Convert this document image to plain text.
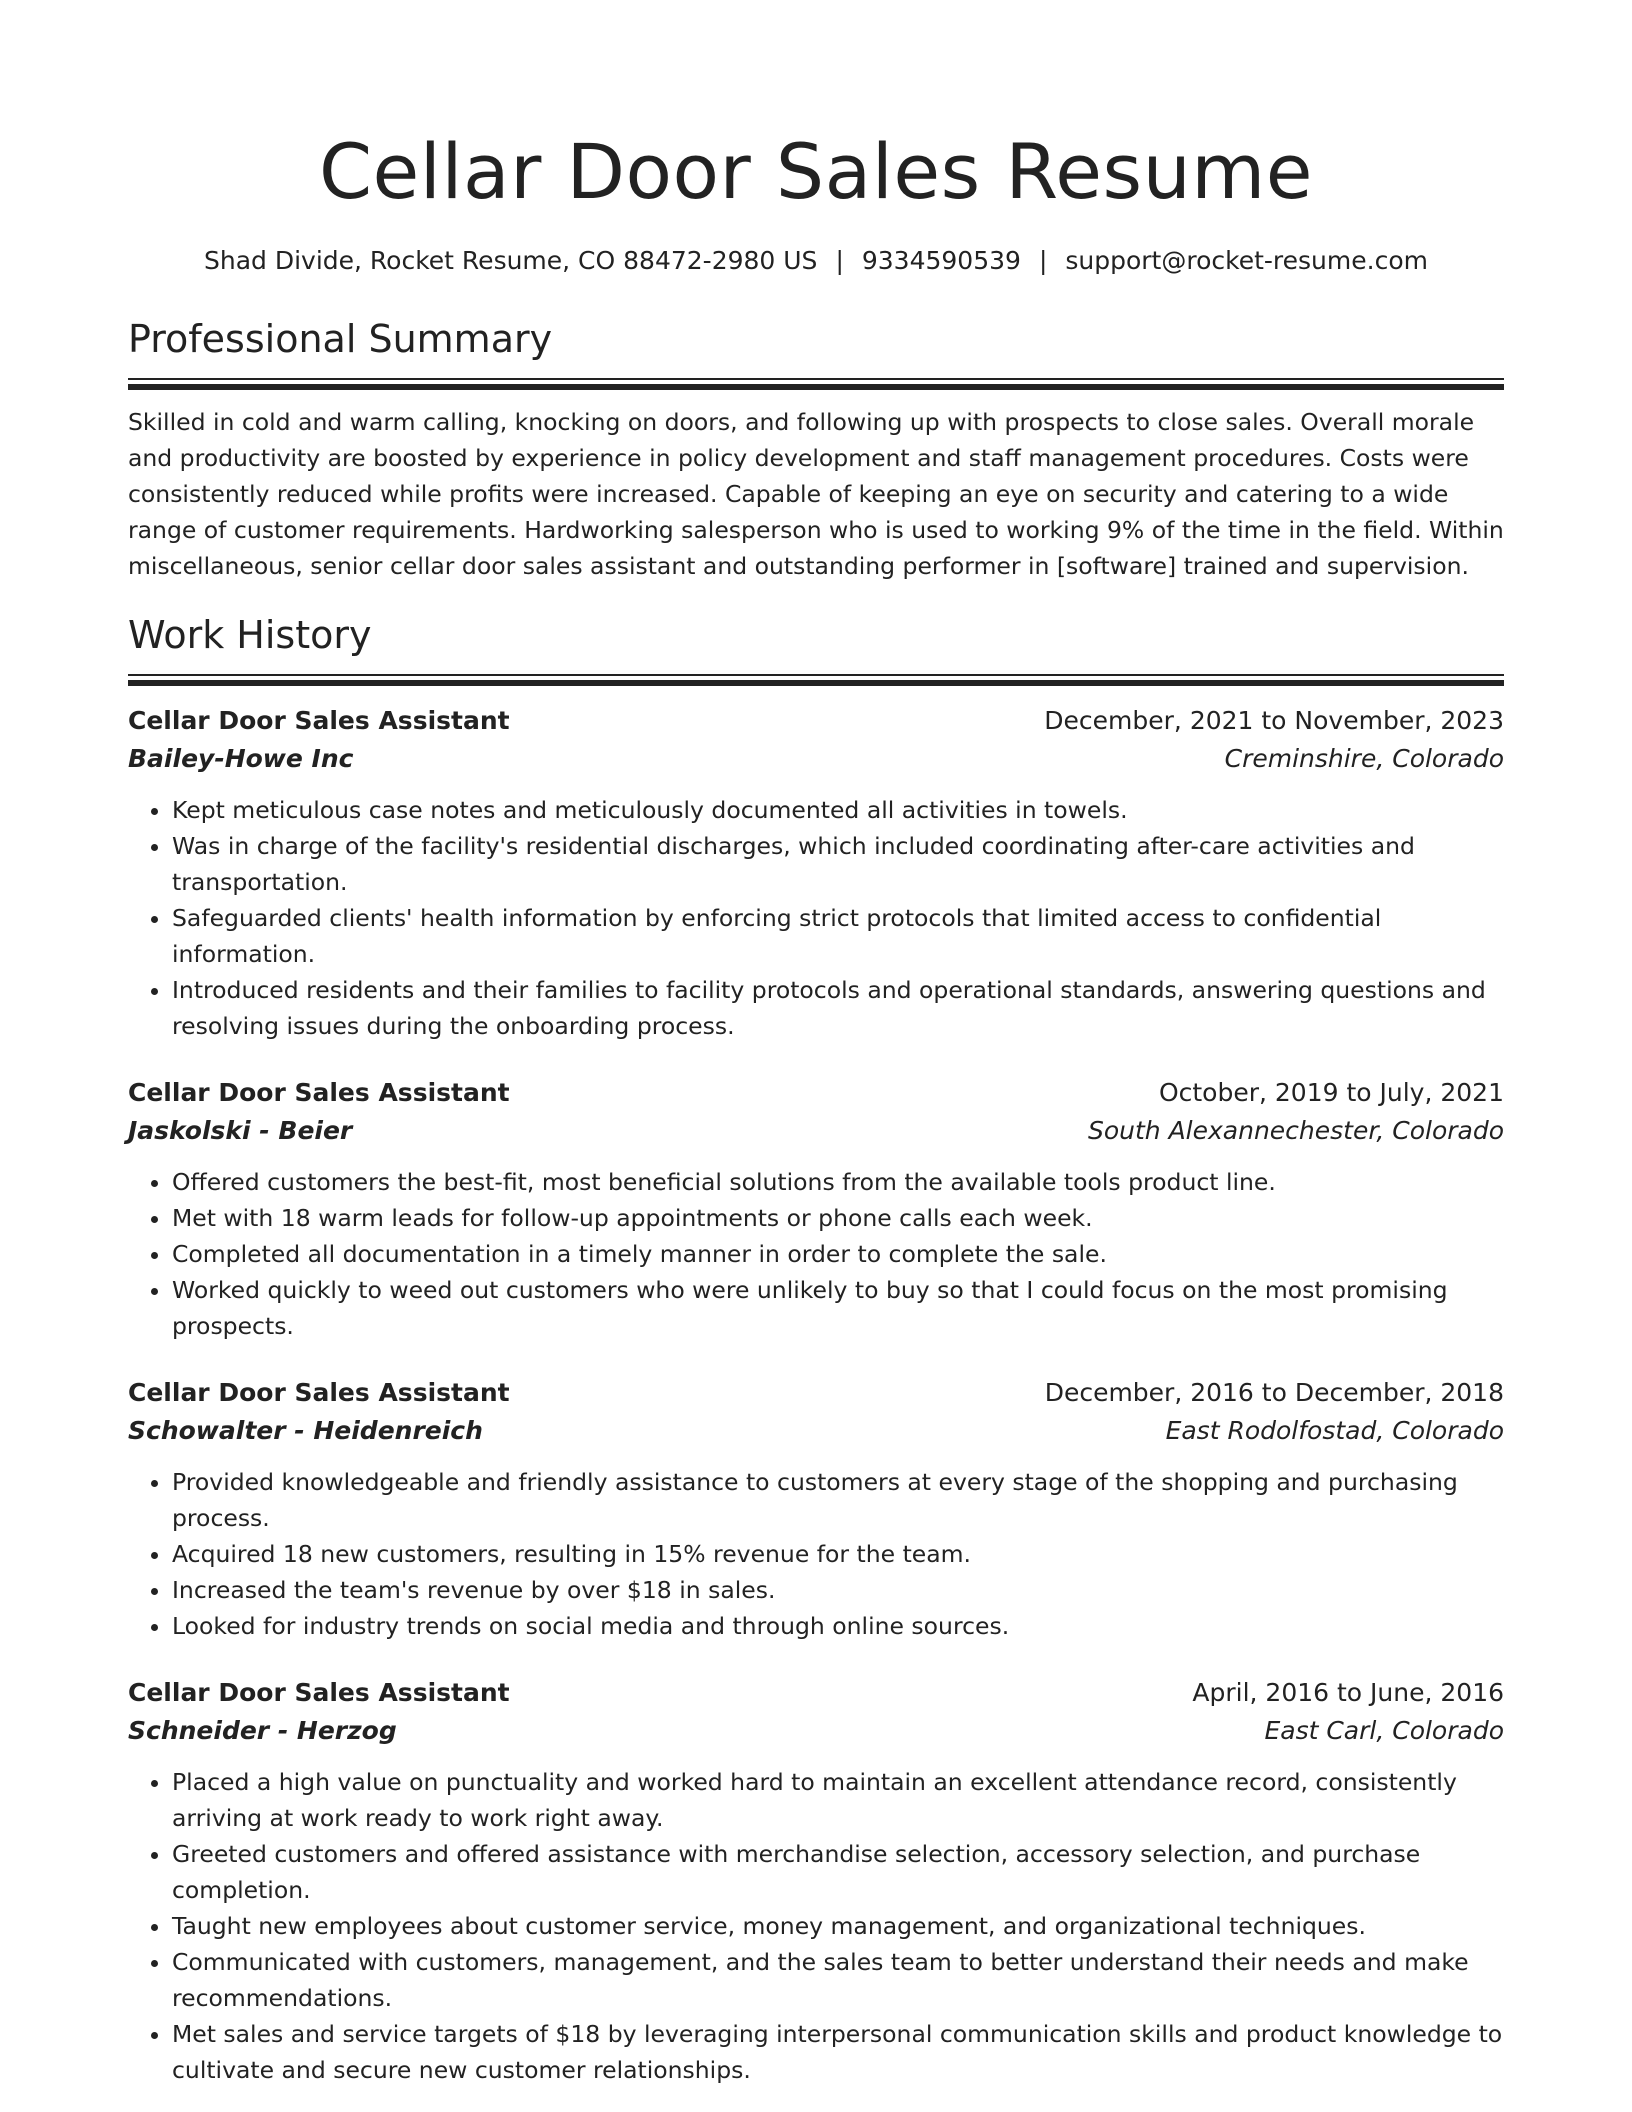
Cellar Door Sales Resume
Shad Divide, Rocket Resume, CO 88472-2980 US | 9334590539 | support@rocket-resume.com
Professional Summary

Skilled in cold and warm calling, knocking on doors, and following up with prospects to close sales. Overall morale and productivity are boosted by experience in policy development and staff management procedures. Costs were consistently reduced while profits were increased. Capable of keeping an eye on security and catering to a wide range of customer requirements. Hardworking salesperson who is used to working 9% of the time in the field. Within miscellaneous, senior cellar door sales assistant and outstanding performer in [software] trained and supervision.

Work History
Cellar Door Sales Assistant	December, 2021 to November, 2023
Bailey-Howe Inc	Creminshire, Colorado
• Kept meticulous case notes and meticulously documented all activities in towels.
• Was in charge of the facility's residential discharges, which included coordinating after-care activities and transportation.
• Safeguarded clients' health information by enforcing strict protocols that limited access to confidential information.
• Introduced residents and their families to facility protocols and operational standards, answering questions and resolving issues during the onboarding process.
Cellar Door Sales Assistant	October, 2019 to July, 2021
Jaskolski - Beier	South Alexannechester, Colorado
• Offered customers the best-fit, most beneficial solutions from the available tools product line.
• Met with 18 warm leads for follow-up appointments or phone calls each week.
• Completed all documentation in a timely manner in order to complete the sale.
• Worked quickly to weed out customers who were unlikely to buy so that I could focus on the most promising prospects.
Cellar Door Sales Assistant	December, 2016 to December, 2018
Schowalter - Heidenreich	East Rodolfostad, Colorado
• Provided knowledgeable and friendly assistance to customers at every stage of the shopping and purchasing process.
• Acquired 18 new customers, resulting in 15% revenue for the team.
• Increased the team's revenue by over $18 in sales.
• Looked for industry trends on social media and through online sources.
Cellar Door Sales Assistant	April, 2016 to June, 2016
Schneider - Herzog	East Carl, Colorado
• Placed a high value on punctuality and worked hard to maintain an excellent attendance record, consistently arriving at work ready to work right away.
• Greeted customers and offered assistance with merchandise selection, accessory selection, and purchase completion.
• Taught new employees about customer service, money management, and organizational techniques.
• Communicated with customers, management, and the sales team to better understand their needs and make recommendations.
• Met sales and service targets of $18 by leveraging interpersonal communication skills and product knowledge to cultivate and secure new customer relationships.
